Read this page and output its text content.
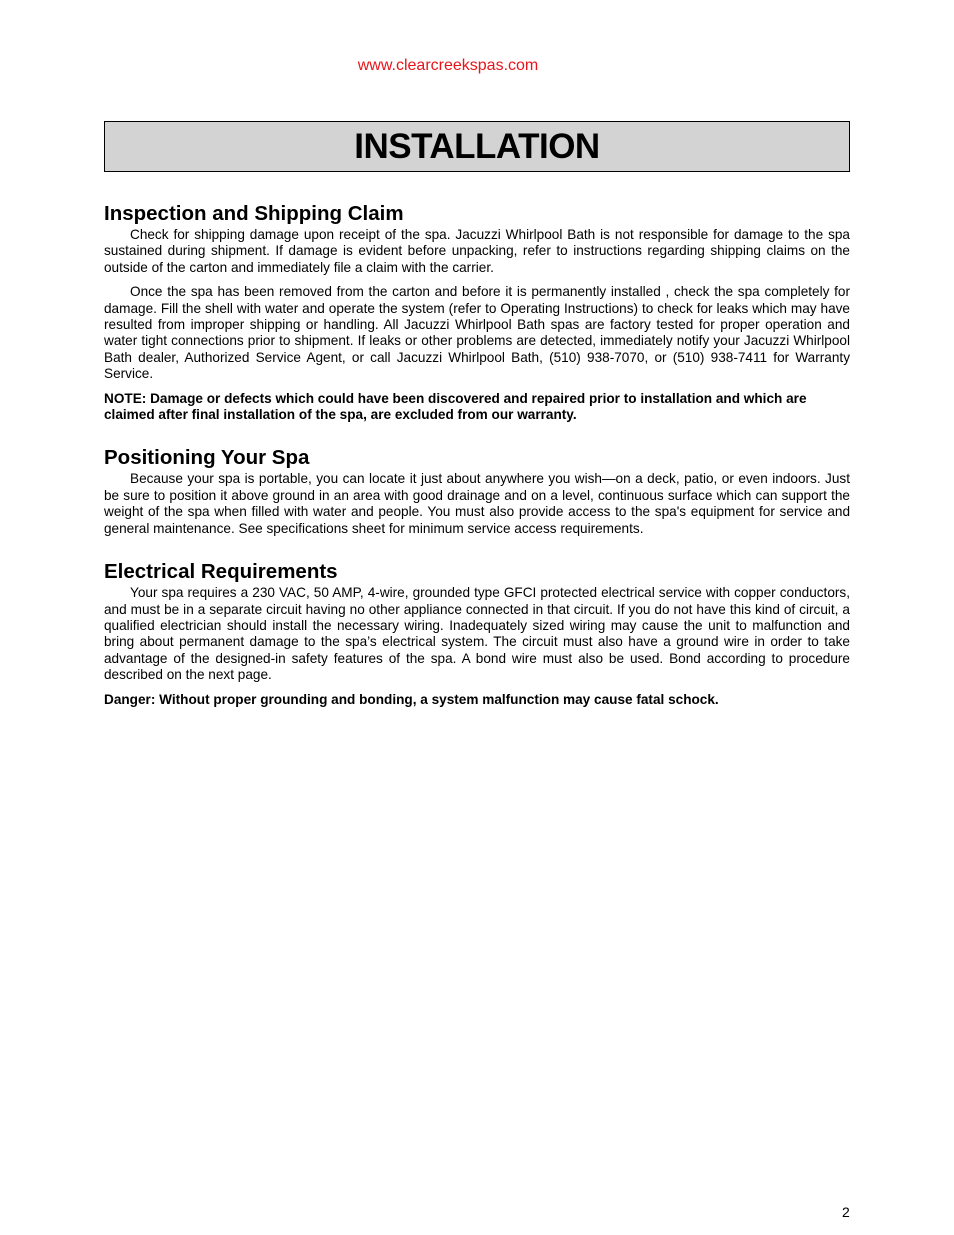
www.clearcreekspas.com
INSTALLATION
Inspection and Shipping Claim

Check for shipping damage upon receipt of the spa. Jacuzzi Whirlpool Bath is not responsible for damage to the spa sustained during shipment. If damage is evident before unpacking, refer to instructions regarding shipping claims on the outside of the carton and immediately file a claim with the carrier.

Once the spa has been removed from the carton and before it is permanently installed , check the spa completely for damage. Fill the shell with water and operate the system (refer to Operating Instructions) to check for leaks which may have resulted from improper shipping or handling. All Jacuzzi Whirlpool Bath spas are factory tested for proper operation and water tight connections prior to shipment. If leaks or other problems are detected, immediately notify your Jacuzzi Whirlpool Bath dealer, Authorized Service Agent, or call Jacuzzi Whirlpool Bath, (510) 938-7070, or (510) 938-7411 for Warranty Service.

NOTE: Damage or defects which could have been discovered and repaired prior to installation and which are claimed after final installation of the spa, are excluded from our warranty.

Positioning Your Spa

Because your spa is portable, you can locate it just about anywhere you wish—on a deck, patio, or even indoors. Just be sure to position it above ground in an area with good drainage and on a level, continuous surface which can support the weight of the spa when filled with water and people. You must also provide access to the spa's equipment for service and general maintenance. See specifications sheet for minimum service access requirements.

Electrical Requirements

Your spa requires a 230 VAC, 50 AMP, 4-wire, grounded type GFCI protected electrical service with copper conductors, and must be in a separate circuit having no other appliance connected in that circuit. If you do not have this kind of circuit, a qualified electrician should install the necessary wiring. Inadequately sized wiring may cause the unit to malfunction and bring about permanent damage to the spa’s electrical system. The circuit must also have a ground wire in order to take advantage of the designed-in safety features of the spa. A bond wire must also be used. Bond according to procedure described on the next page.

Danger: Without proper grounding and bonding, a system malfunction may cause fatal schock.

2
